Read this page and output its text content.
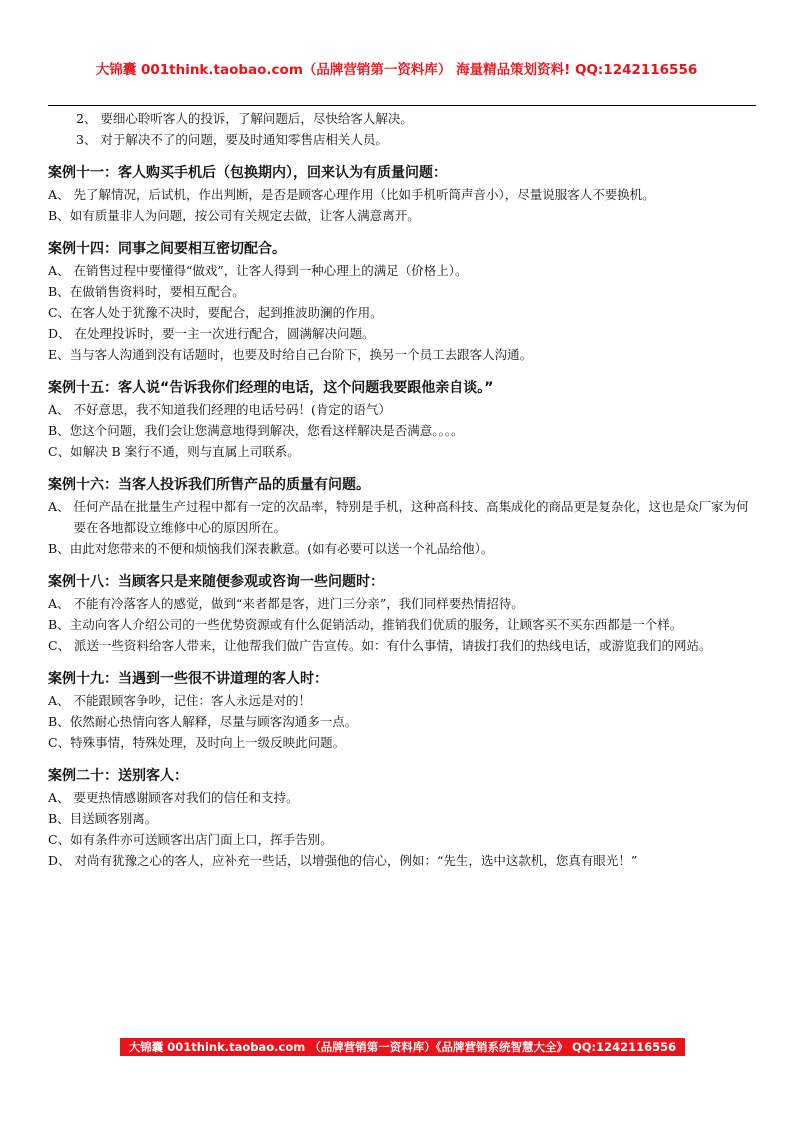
大锦囊 001think.taobao.com（品牌营销第一资料库） 海量精品策划资料! QQ:1242116556
2、 要细心聆听客人的投诉，了解问题后，尽快给客人解决。
3、 对于解决不了的问题，要及时通知零售店相关人员。
案例十一：客人购买手机后（包换期内），回来认为有质量问题：
A、 先了解情况，后试机，作出判断，是否是顾客心理作用（比如手机听筒声音小），尽量说服客人不要换机。
B、 如有质量非人为问题，按公司有关规定去做，让客人满意离开。
案例十四：同事之间要相互密切配合。
A、 在销售过程中要懂得“做戏”，让客人得到一种心理上的满足（价格上）。
B、 在做销售资料时，要相互配合。
C、 在客人处于犹豫不决时，要配合，起到推波助澜的作用。
D、 在处理投诉时，要一主一次进行配合，圆满解决问题。
E、 当与客人沟通到没有话题时，也要及时给自己台阶下，换另一个员工去跟客人沟通。
案例十五：客人说“告诉我你们经理的电话，这个问题我要跟他亲自谈。”
A、 不好意思，我不知道我们经理的电话号码！(肯定的语气）
B、 您这个问题，我们会让您满意地得到解决，您看这样解决是否满意。。。。
C、 如解决 B 案行不通，则与直属上司联系。
案例十六：当客人投诉我们所售产品的质量有问题。
A、 任何产品在批量生产过程中都有一定的次品率，特别是手机，这种高科技、高集成化的商品更是复杂化，这也是众厂家为何要在各地都设立维修中心的原因所在。
B、 由此对您带来的不便和烦恼我们深表歉意。(如有必要可以送一个礼品给他）。
案例十八：当顾客只是来随便参观或咨询一些问题时：
A、 不能有冷落客人的感觉，做到“来者都是客，进门三分亲”，我们同样要热情招待。
B、 主动向客人介绍公司的一些优势资源或有什么促销活动，推销我们优质的服务，让顾客买不买东西都是一个样。
C、 派送一些资料给客人带来，让他帮我们做广告宣传。如：有什么事情，请拔打我们的热线电话，或游览我们的网站。
案例十九：当遇到一些很不讲道理的客人时：
A、 不能跟顾客争吵，记住：客人永远是对的！
B、 依然耐心热情向客人解释，尽量与顾客沟通多一点。
C、 特殊事情，特殊处理，及时向上一级反映此问题。
案例二十：送别客人：
A、 要更热情感谢顾客对我们的信任和支持。
B、 目送顾客别离。
C、 如有条件亦可送顾客出店门面上口，挥手告别。
D、 对尚有犹豫之心的客人，应补充一些话，以增强他的信心，例如：“先生，选中这款机，您真有眼光！”
大锦囊 001think.taobao.com （品牌营销第一资料库）《品牌营销系统智慧大全》 QQ:1242116556
